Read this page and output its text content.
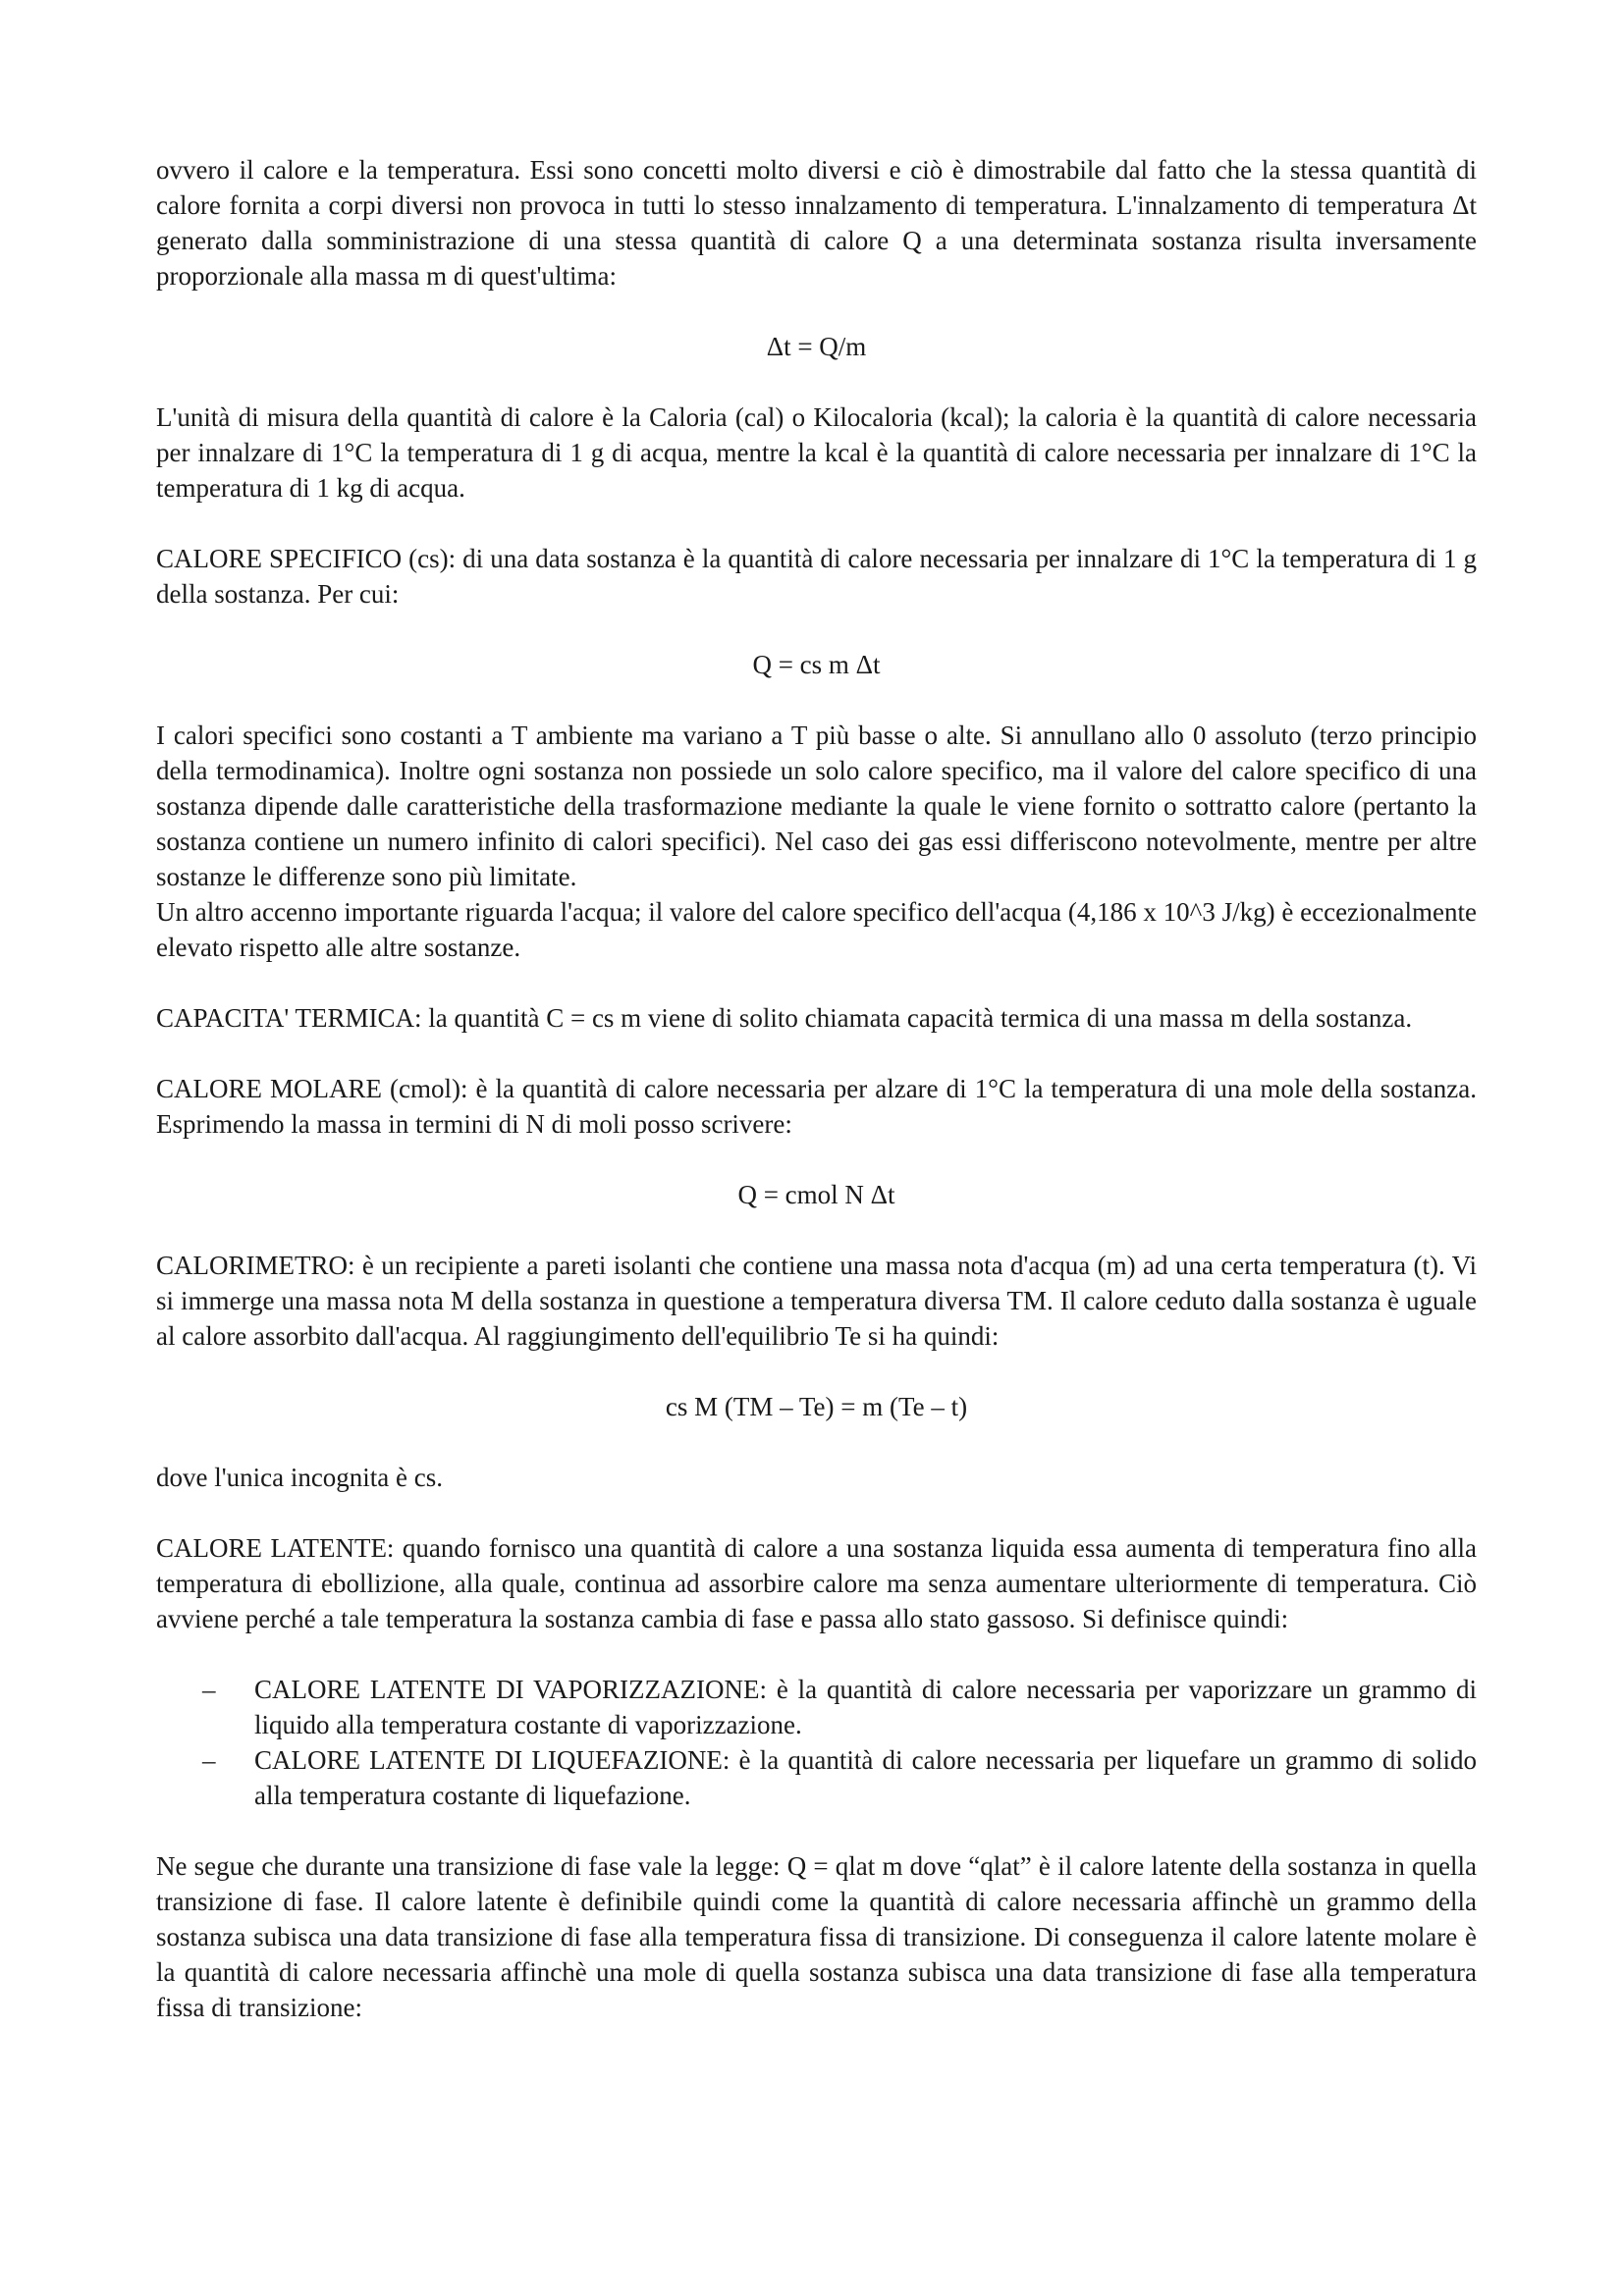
ovvero il calore e la temperatura. Essi sono concetti molto diversi e ciò è dimostrabile dal fatto che la stessa quantità di calore fornita a corpi diversi non provoca in tutti lo stesso innalzamento di temperatura. L'innalzamento di temperatura Δt generato dalla somministrazione di una stessa quantità di calore Q a una determinata sostanza risulta inversamente proporzionale alla massa m di quest'ultima:

Δt = Q/m

L'unità di misura della quantità di calore è la Caloria (cal) o Kilocaloria (kcal); la caloria è la quantità di calore necessaria per innalzare di 1°C la temperatura di 1 g di acqua, mentre la kcal è la quantità di calore necessaria per innalzare di 1°C la temperatura di 1 kg di acqua.

CALORE SPECIFICO (cs): di una data sostanza è la quantità di calore necessaria per innalzare di 1°C la temperatura di 1 g della sostanza. Per cui:

Q = cs m Δt

I calori specifici sono costanti a T ambiente ma variano a T più basse o alte. Si annullano allo 0 assoluto (terzo principio della termodinamica). Inoltre ogni sostanza non possiede un solo calore specifico, ma il valore del calore specifico di una sostanza dipende dalle caratteristiche della trasformazione mediante la quale le viene fornito o sottratto calore (pertanto la sostanza contiene un numero infinito di calori specifici). Nel caso dei gas essi differiscono notevolmente, mentre per altre sostanze le differenze sono più limitate.

Un altro accenno importante riguarda l'acqua; il valore del calore specifico dell'acqua (4,186 x 10^3 J/kg) è eccezionalmente elevato rispetto alle altre sostanze.

CAPACITA' TERMICA: la quantità C = cs m viene di solito chiamata capacità termica di una massa m della sostanza.

CALORE MOLARE (cmol): è la quantità di calore necessaria per alzare di 1°C la temperatura di una mole della sostanza. Esprimendo la massa in termini di N di moli posso scrivere:

Q = cmol N Δt

CALORIMETRO: è un recipiente a pareti isolanti che contiene una massa nota d'acqua (m) ad una certa temperatura (t). Vi si immerge una massa nota M della sostanza in questione a temperatura diversa TM. Il calore ceduto dalla sostanza è uguale al calore assorbito dall'acqua. Al raggiungimento dell'equilibrio Te si ha quindi:

cs M (TM – Te) = m (Te – t)

dove l'unica incognita è cs.

CALORE LATENTE: quando fornisco una quantità di calore a una sostanza liquida essa aumenta di temperatura fino alla temperatura di ebollizione, alla quale, continua ad assorbire calore ma senza aumentare ulteriormente di temperatura. Ciò avviene perché a tale temperatura la sostanza cambia di fase e passa allo stato gassoso. Si definisce quindi:

– CALORE LATENTE DI VAPORIZZAZIONE: è la quantità di calore necessaria per vaporizzare un grammo di liquido alla temperatura costante di vaporizzazione.
– CALORE LATENTE DI LIQUEFAZIONE: è la quantità di calore necessaria per liquefare un grammo di solido alla temperatura costante di liquefazione.

Ne segue che durante una transizione di fase vale la legge: Q = qlat m dove “qlat” è il calore latente della sostanza in quella transizione di fase. Il calore latente è definibile quindi come la quantità di calore necessaria affinchè un grammo della sostanza subisca una data transizione di fase alla temperatura fissa di transizione. Di conseguenza il calore latente molare è la quantità di calore necessaria affinchè una mole di quella sostanza subisca una data transizione di fase alla temperatura fissa di transizione:
